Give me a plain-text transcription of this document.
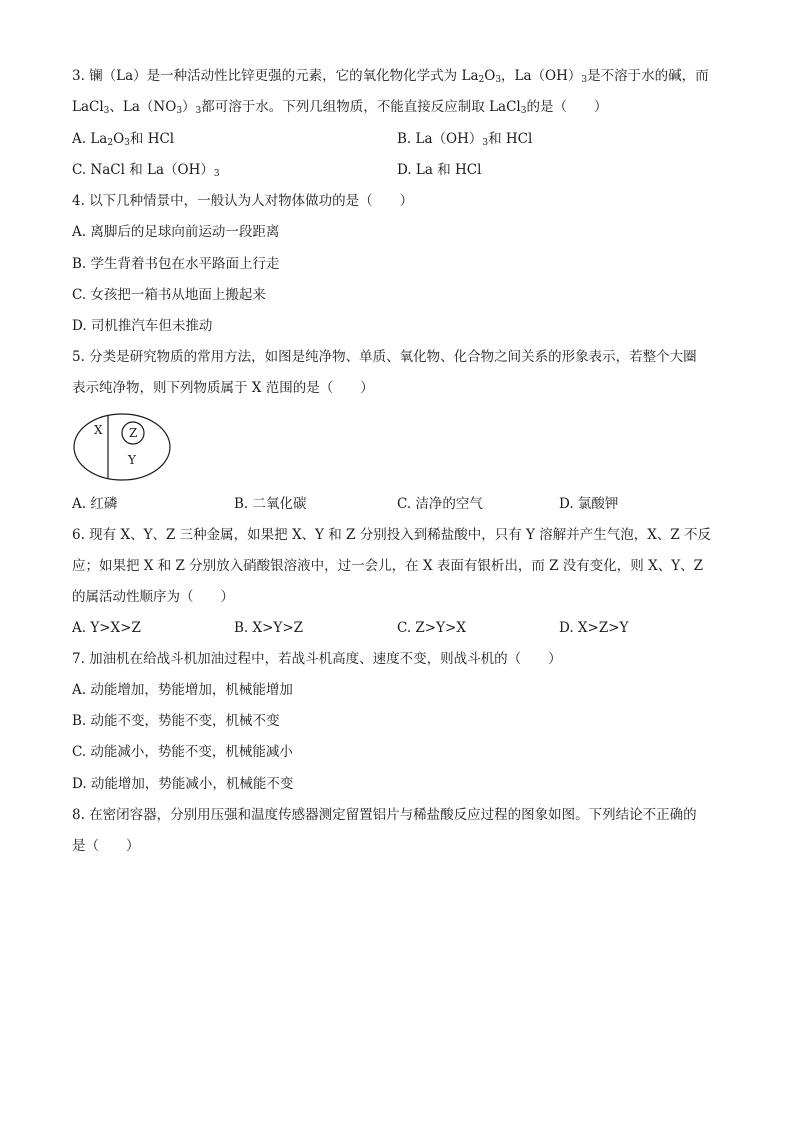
3. 镧（La）是一种活动性比锌更强的元素，它的氧化物化学式为 $La_2O_3$，$La(OH)_3$是不溶于水的碱，而
LaCl$_3$、$La(NO_3)_3$都可溶于水。下列几组物质，不能直接反应制取 LaCl$_3$的是（　　）
A. $La_2O_3$和 HCl	B. $La(OH)_3$和 HCl
C. NaCl 和 $La(OH)_3$	D. La 和 HCl
4. 以下几种情景中，一般认为人对物体做功的是（　　）
A. 离脚后的足球向前运动一段距离
B. 学生背着书包在水平路面上行走
C. 女孩把一箱书从地面上搬起来
D. 司机推汽车但未推动
5. 分类是研究物质的常用方法，如图是纯净物、单质、氧化物、化合物之间关系的形象表示，若整个大圈
表示纯净物，则下列物质属于 X 范围的是（　　）
X Z
Y
A. 红磷	B. 二氧化碳	C. 洁净的空气	D. 氯酸钾
6. 现有 X、Y、Z 三种金属，如果把 X、Y 和 Z 分别投入到稀盐酸中，只有 Y 溶解并产生气泡，X、Z 不反
应；如果把 X 和 Z 分别放入硝酸银溶液中，过一会儿，在 X 表面有银析出，而 Z 没有变化，则 X、Y、Z
的属活动性顺序为（　　）
A. Y>X>Z	B. X>Y>Z	C. Z>Y>X	D. X>Z>Y
7. 加油机在给战斗机加油过程中，若战斗机高度、速度不变，则战斗机的（　　）
A. 动能增加，势能增加，机械能增加
B. 动能不变，势能不变，机械不变
C. 动能减小，势能不变，机械能减小
D. 动能增加，势能减小，机械能不变
8. 在密闭容器，分别用压强和温度传感器测定留置铝片与稀盐酸反应过程的图象如图。下列结论不正确的
是（　　）
